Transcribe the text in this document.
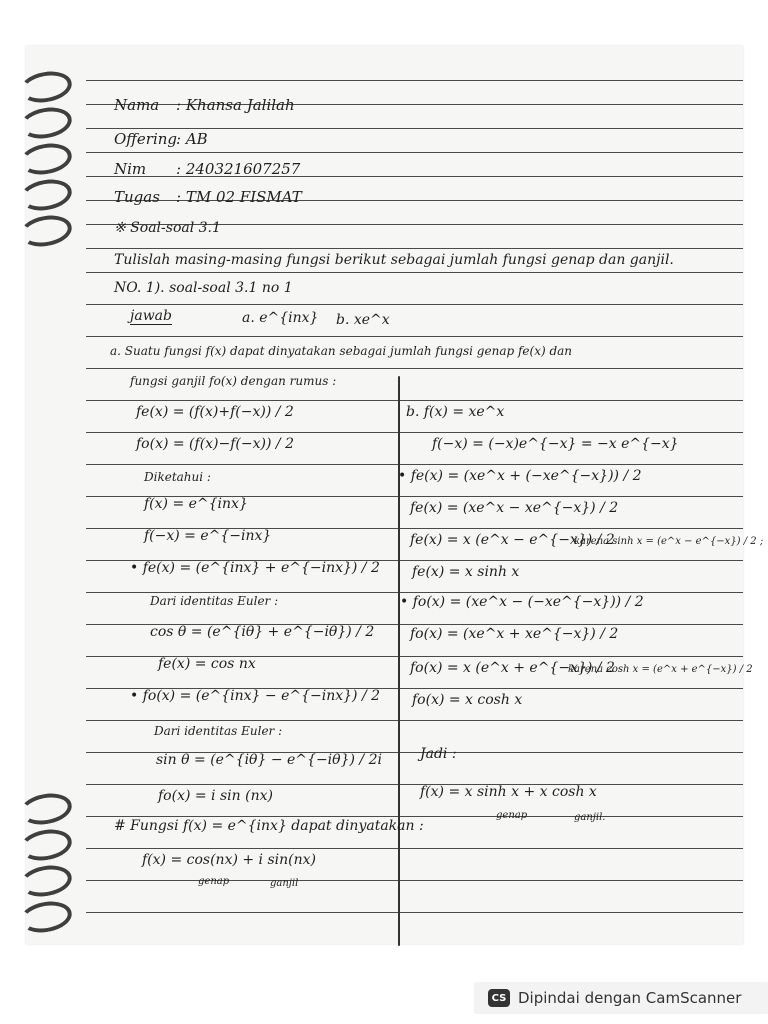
Nama : Khansa Jalilah
Offering
: AB
Nim : 240321607257
Tugas : TM 02 FISMAT
※ Soal-soal 3.1
Tulislah masing-masing fungsi berikut sebagai jumlah fungsi genap dan ganjil.
NO. 1). soal-soal 3.1 no 1
jawab	a. e^{inx} b. xe^x
a. Suatu fungsi f(x) dapat dinyatakan sebagai jumlah fungsi genap fe(x) dan
fungsi ganjil fo(x) dengan rumus :
fe(x) = (f(x)+f(−x)) / 2
fo(x) = (f(x)−f(−x)) / 2
Diketahui :
f(x) = e^{inx}
f(−x) = e^{−inx}
• fe(x) = (e^{inx} + e^{−inx}) / 2
Dari identitas Euler :
cos θ = (e^{iθ} + e^{−iθ}) / 2
fe(x) = cos nx
• fo(x) = (e^{inx} − e^{−inx}) / 2
Dari identitas Euler :
sin θ = (e^{iθ} − e^{−iθ}) / 2i
fo(x) = i sin (nx)
# Fungsi f(x) = e^{inx} dapat dinyatakan :
f(x) = cos(nx) + i sin(nx)
genap	ganjil
b. f(x) = xe^x
f(−x) = (−x)e^{−x} = −x e^{−x}
• fe(x) = (xe^x + (−xe^{−x})) / 2
fe(x) = (xe^x − xe^{−x}) / 2
fe(x) = x (e^x − e^{−x}) / 2
karena sinh x = (e^x − e^{−x}) / 2 ;
fe(x) = x sinh x
• fo(x) = (xe^x − (−xe^{−x})) / 2
fo(x) = (xe^x + xe^{−x}) / 2
fo(x) = x (e^x + e^{−x}) / 2
karena cosh x = (e^x + e^{−x}) / 2
fo(x) = x cosh x
Jadi :
f(x) = x sinh x + x cosh x
genap	ganjil.
CS Dipindai dengan CamScanner
